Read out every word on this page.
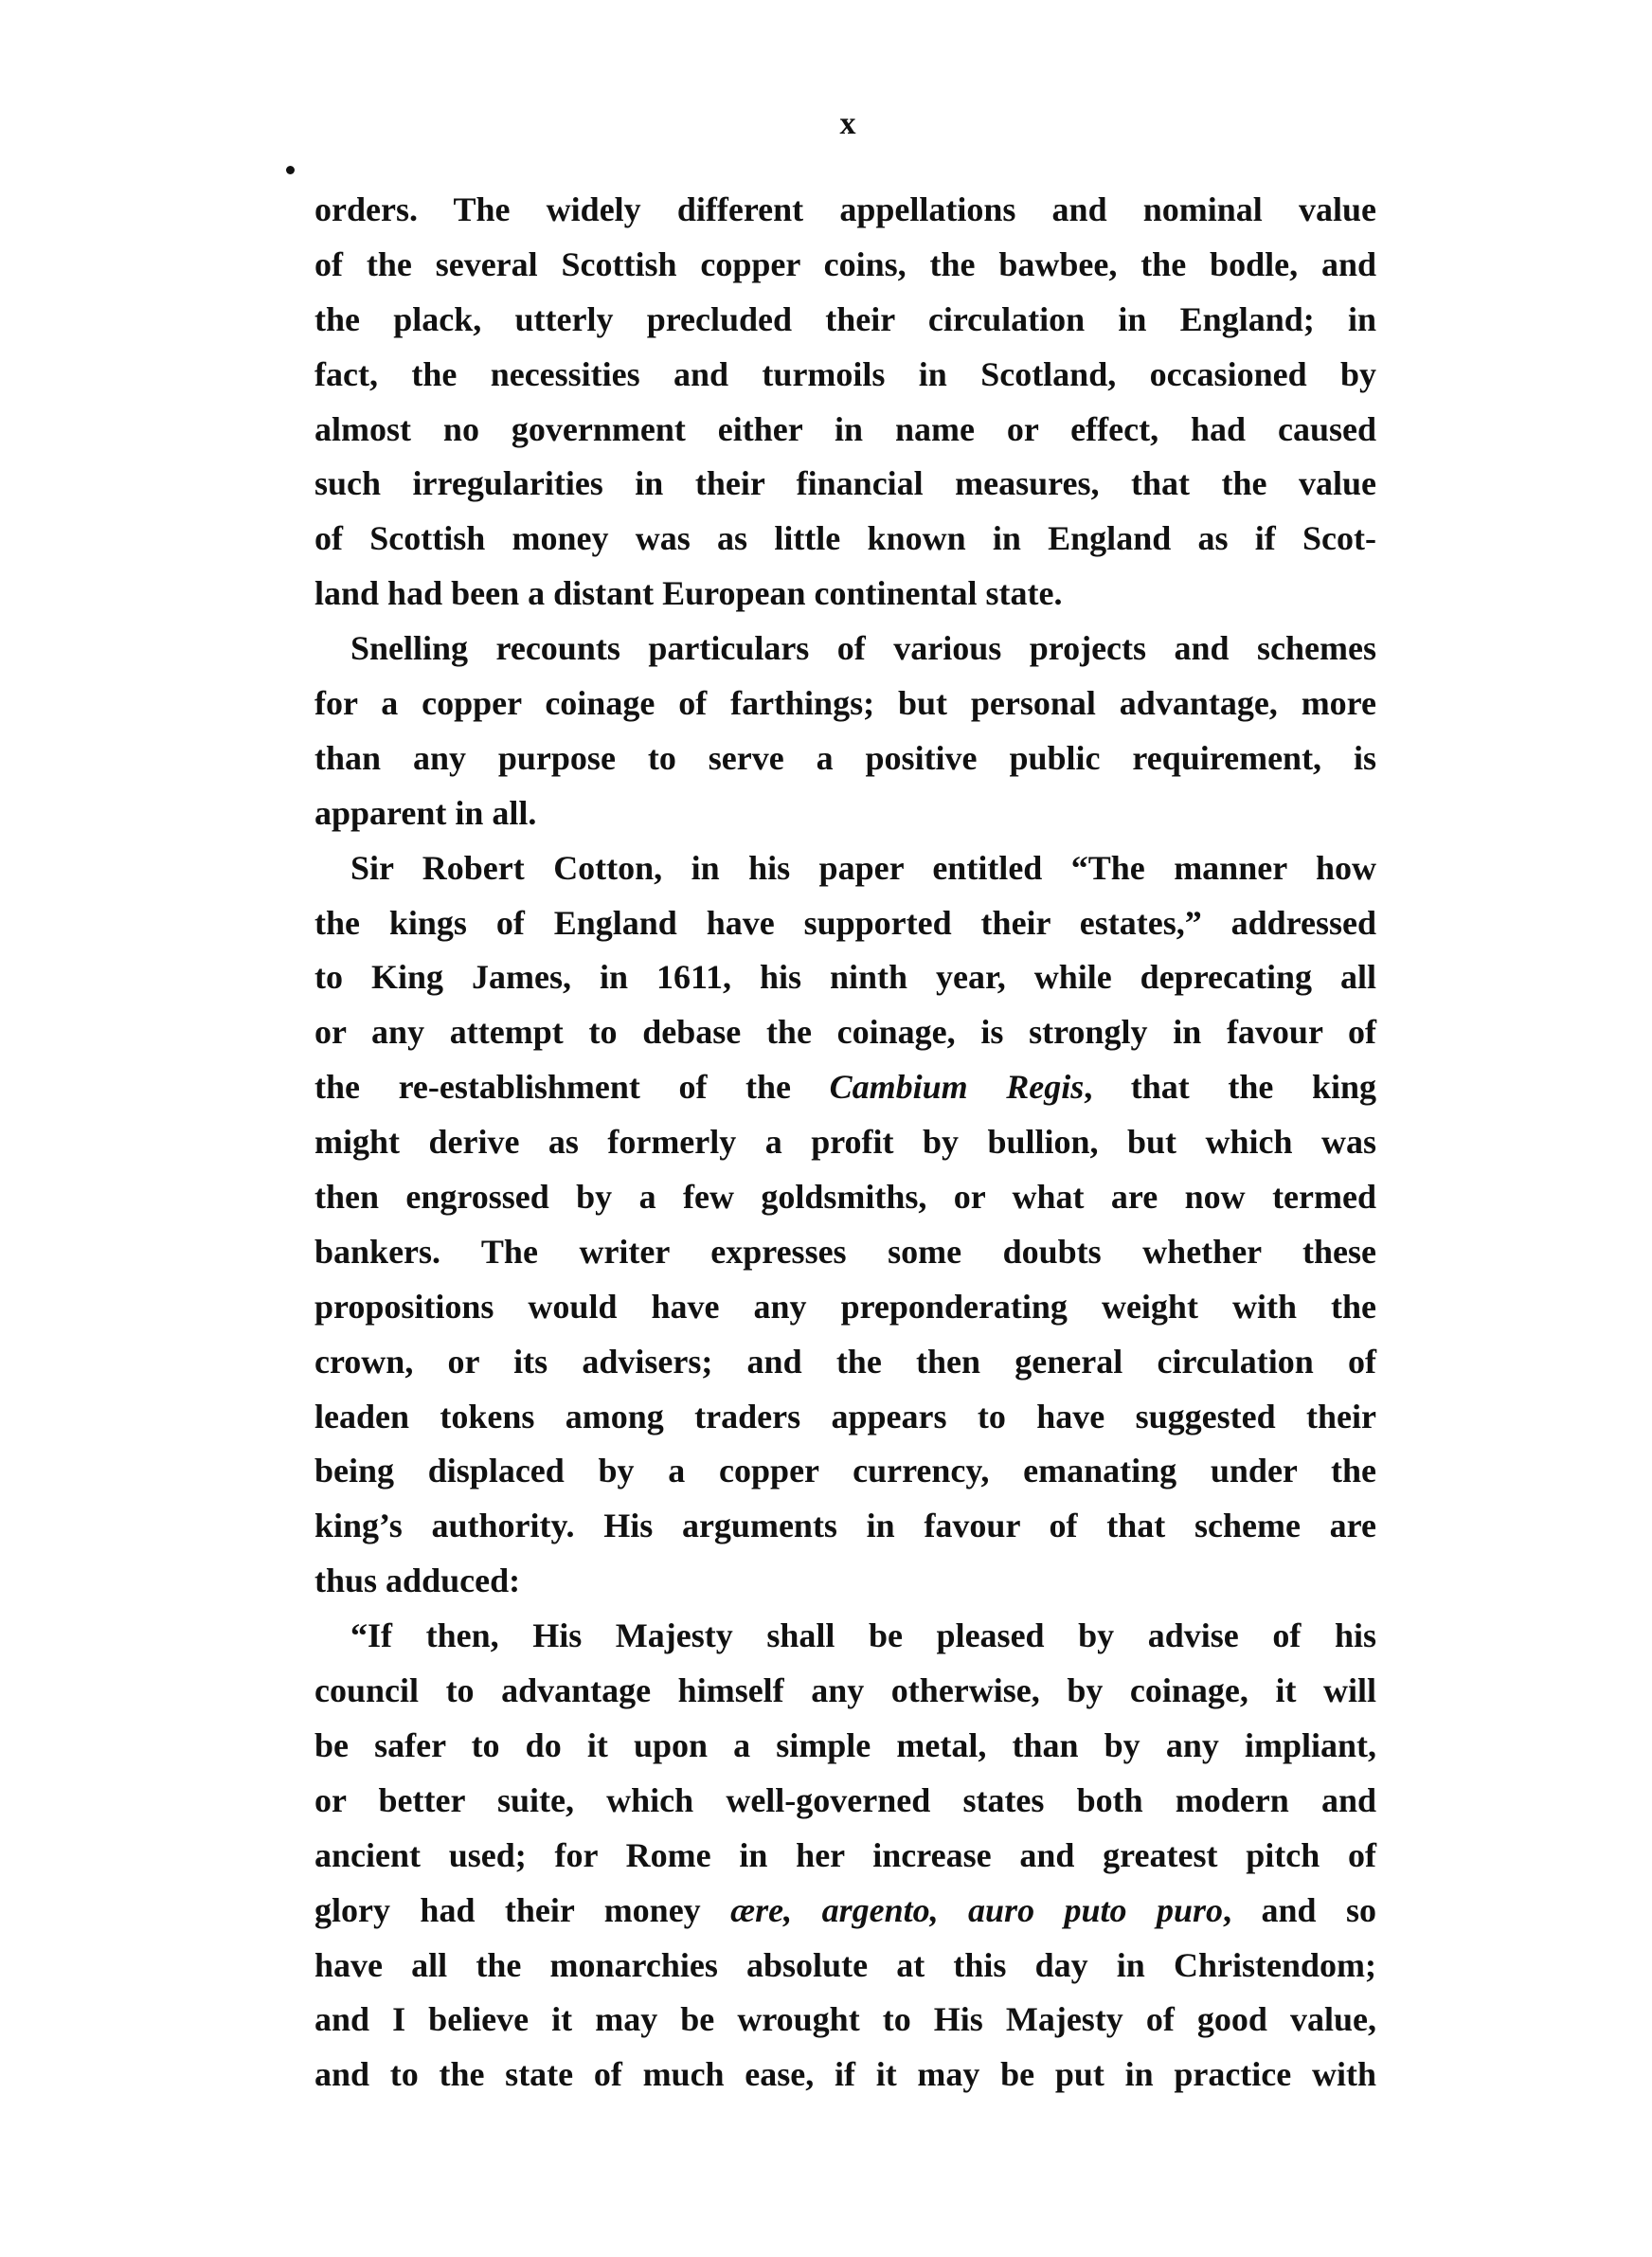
x
orders. The widely different appellations and nominal value
of the several Scottish copper coins, the bawbee, the bodle, and
the plack, utterly precluded their circulation in England; in
fact, the necessities and turmoils in Scotland, occasioned by
almost no government either in name or effect, had caused
such irregularities in their financial measures, that the value
of Scottish money was as little known in England as if Scot-
land had been a distant European continental state.
Snelling recounts particulars of various projects and schemes
for a copper coinage of farthings; but personal advantage, more
than any purpose to serve a positive public requirement, is
apparent in all.
Sir Robert Cotton, in his paper entitled “The manner how
the kings of England have supported their estates,” addressed
to King James, in 1611, his ninth year, while deprecating all
or any attempt to debase the coinage, is strongly in favour of
the re-establishment of the Cambium Regis, that the king
might derive as formerly a profit by bullion, but which was
then engrossed by a few goldsmiths, or what are now termed
bankers. The writer expresses some doubts whether these
propositions would have any preponderating weight with the
crown, or its advisers; and the then general circulation of
leaden tokens among traders appears to have suggested their
being displaced by a copper currency, emanating under the
king’s authority. His arguments in favour of that scheme are
thus adduced:
“If then, His Majesty shall be pleased by advise of his
council to advantage himself any otherwise, by coinage, it will
be safer to do it upon a simple metal, than by any impliant,
or better suite, which well-governed states both modern and
ancient used; for Rome in her increase and greatest pitch of
glory had their money ære, argento, auro puto puro, and so
have all the monarchies absolute at this day in Christendom;
and I believe it may be wrought to His Majesty of good value,
and to the state of much ease, if it may be put in practice with
